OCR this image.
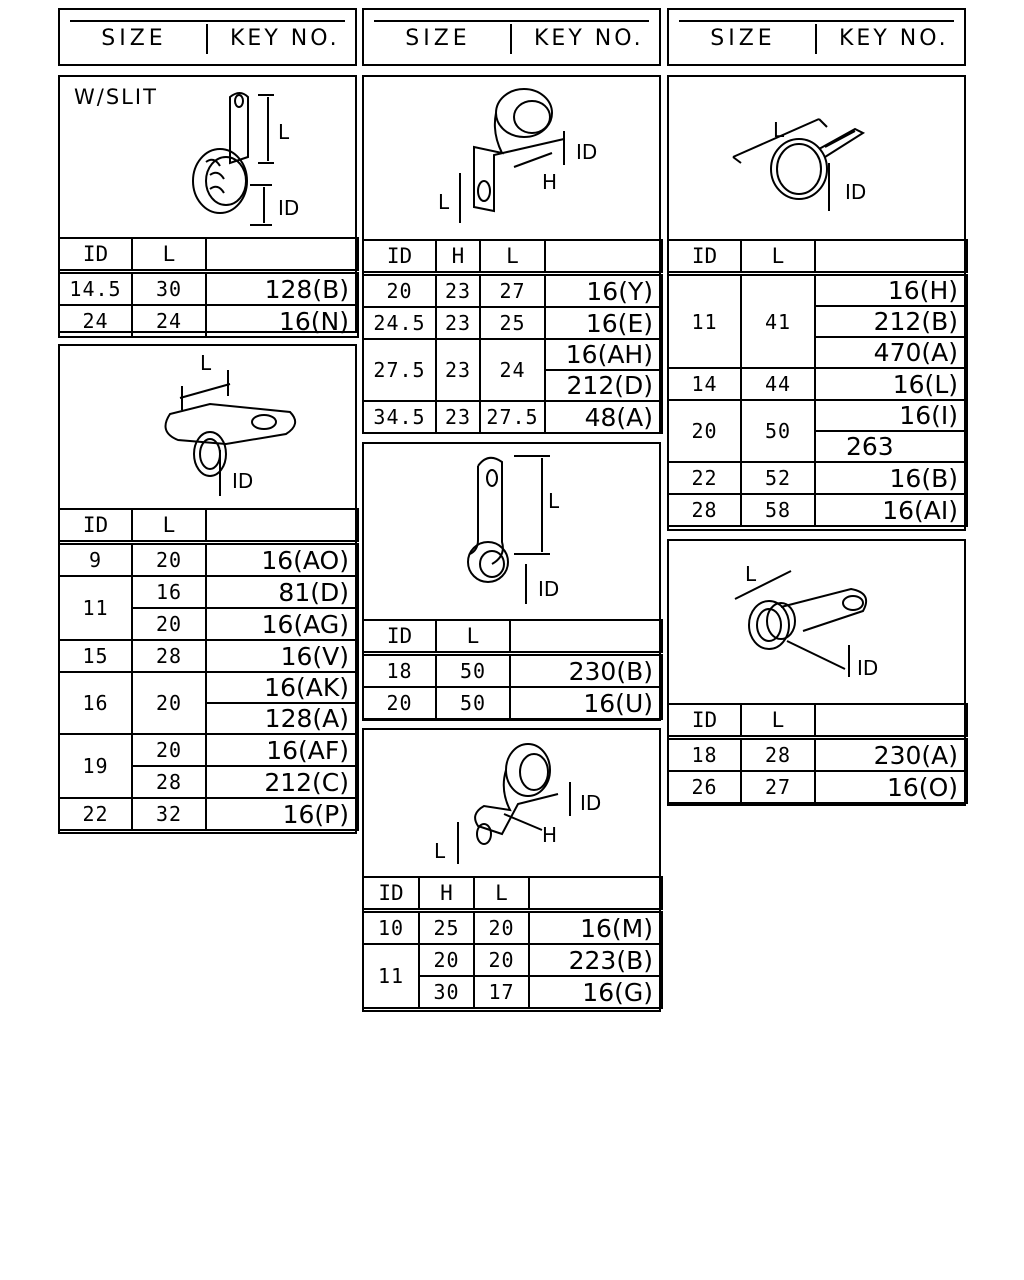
SIZE	KEY NO.	SIZE	KEY NO.	SIZE	KEY NO.
W/SLIT
L
ID
ID	L	
14.5	30	128(B)
24	24	16(N)
L
ID
ID	L	
9	20	16(AO)
11	16	81(D)
	20	16(AG)
15	28	16(V)
16	20	16(AK)
		128(A)
19	20	16(AF)
	28	212(C)
22	32	16(P)
ID
H
L
ID	H	L	
20	23	27	16(Y)
24.5	23	25	16(E)
27.5	23	24	16(AH)
			212(D)
34.5	23	27.5	48(A)
L
ID
ID	L	
18	50	230(B)
20	50	16(U)
ID
H
L
ID	H	L	
10	25	20	16(M)
11	20	20	223(B)
	30	17	16(G)
L
ID
ID	L	
11	41	16(H)
		212(B)
		470(A)
14	44	16(L)
20	50	16(I)
		263
22	52	16(B)
28	58	16(AI)
L
ID
ID	L	
18	28	230(A)
26	27	16(O)
